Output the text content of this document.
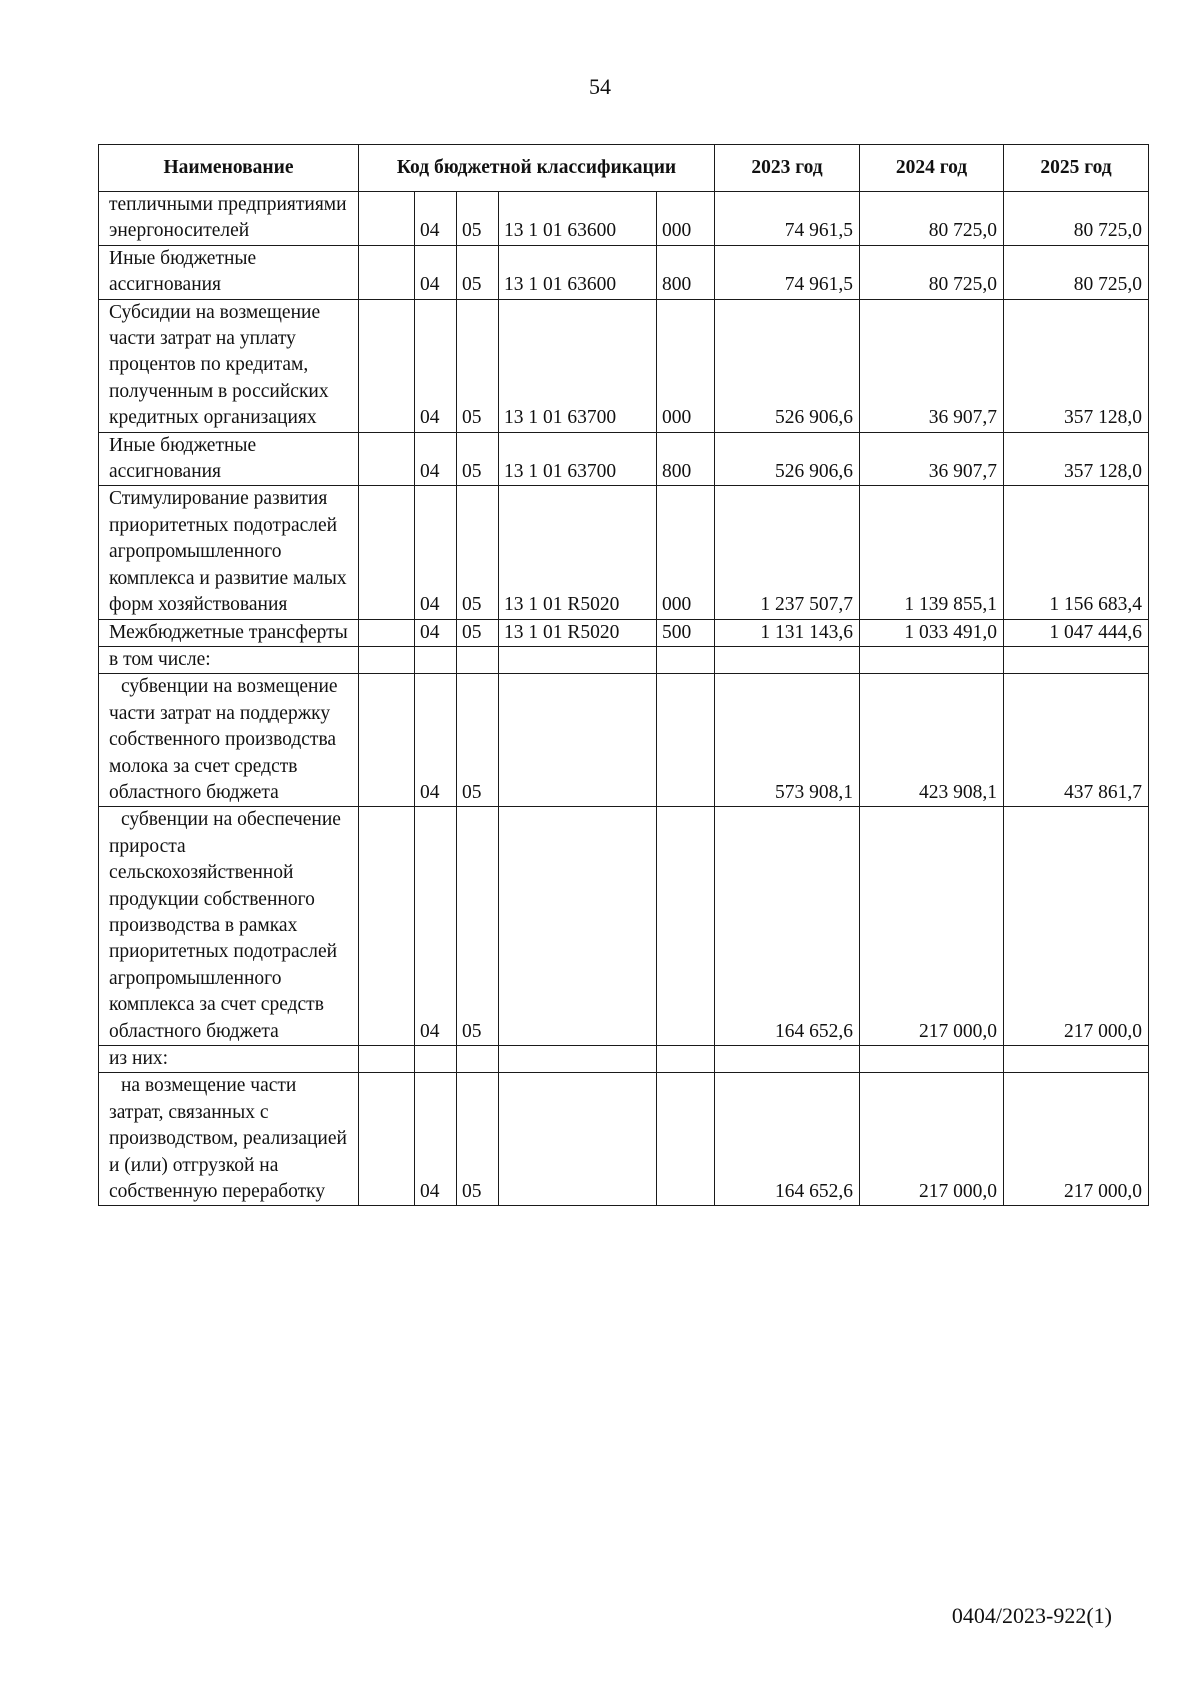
54
Наименование	Код бюджетной классификации					2023 год	2024 год	2025 год
тепличными предприятиями энергоносителей		04	05	13 1 01 63600	000	74 961,5	80 725,0	80 725,0
Иные бюджетные ассигнования		04	05	13 1 01 63600	800	74 961,5	80 725,0	80 725,0
Субсидии на возмещение части затрат на уплату процентов по кредитам, полученным в российских кредитных организациях		04	05	13 1 01 63700	000	526 906,6	36 907,7	357 128,0
Иные бюджетные ассигнования		04	05	13 1 01 63700	800	526 906,6	36 907,7	357 128,0
Стимулирование развития приоритетных подотраслей агропромышленного комплекса и развитие малых форм хозяйствования		04	05	13 1 01 R5020	000	1 237 507,7	1 139 855,1	1 156 683,4
Межбюджетные трансферты		04	05	13 1 01 R5020	500	1 131 143,6	1 033 491,0	1 047 444,6
в том числе:								
субвенции на возмещение части затрат на поддержку собственного производства молока за счет средств областного бюджета		04	05			573 908,1	423 908,1	437 861,7
субвенции на обеспечение прироста сельскохозяйственной продукции собственного производства в рамках приоритетных подотраслей агропромышленного комплекса за счет средств областного бюджета		04	05			164 652,6	217 000,0	217 000,0
из них:								
на возмещение части затрат, связанных с производством, реализацией и (или) отгрузкой на собственную переработку		04	05			164 652,6	217 000,0	217 000,0
0404/2023-922(1)
